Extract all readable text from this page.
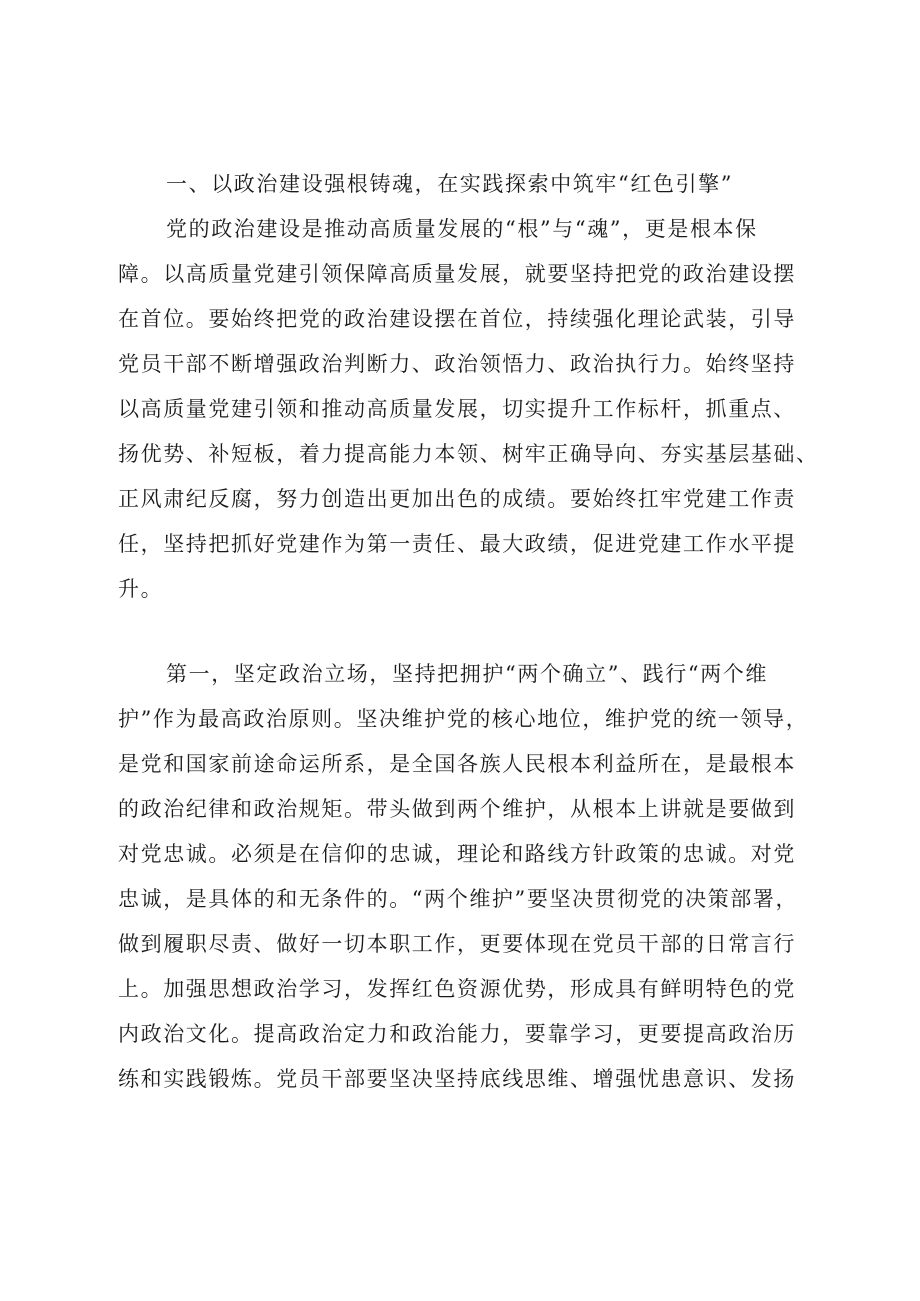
一、以政治建设强根铸魂，在实践探索中筑牢“红色引擎”
党的政治建设是推动高质量发展的“根”与“魂”，更是根本保
障。以高质量党建引领保障高质量发展，就要坚持把党的政治建设摆
在首位。要始终把党的政治建设摆在首位，持续强化理论武装，引导
党员干部不断增强政治判断力、政治领悟力、政治执行力。始终坚持
以高质量党建引领和推动高质量发展，切实提升工作标杆，抓重点、
扬优势、补短板，着力提高能力本领、树牢正确导向、夯实基层基础、
正风肃纪反腐，努力创造出更加出色的成绩。要始终扛牢党建工作责
任，坚持把抓好党建作为第一责任、最大政绩，促进党建工作水平提
升。
第一，坚定政治立场，坚持把拥护“两个确立”、践行“两个维
护”作为最高政治原则。坚决维护党的核心地位，维护党的统一领导，
是党和国家前途命运所系，是全国各族人民根本利益所在，是最根本
的政治纪律和政治规矩。带头做到两个维护，从根本上讲就是要做到
对党忠诚。必须是在信仰的忠诚，理论和路线方针政策的忠诚。对党
忠诚，是具体的和无条件的。“两个维护”要坚决贯彻党的决策部署，
做到履职尽责、做好一切本职工作，更要体现在党员干部的日常言行
上。加强思想政治学习，发挥红色资源优势，形成具有鲜明特色的党
内政治文化。提高政治定力和政治能力，要靠学习，更要提高政治历
练和实践锻炼。党员干部要坚决坚持底线思维、增强忧患意识、发扬
